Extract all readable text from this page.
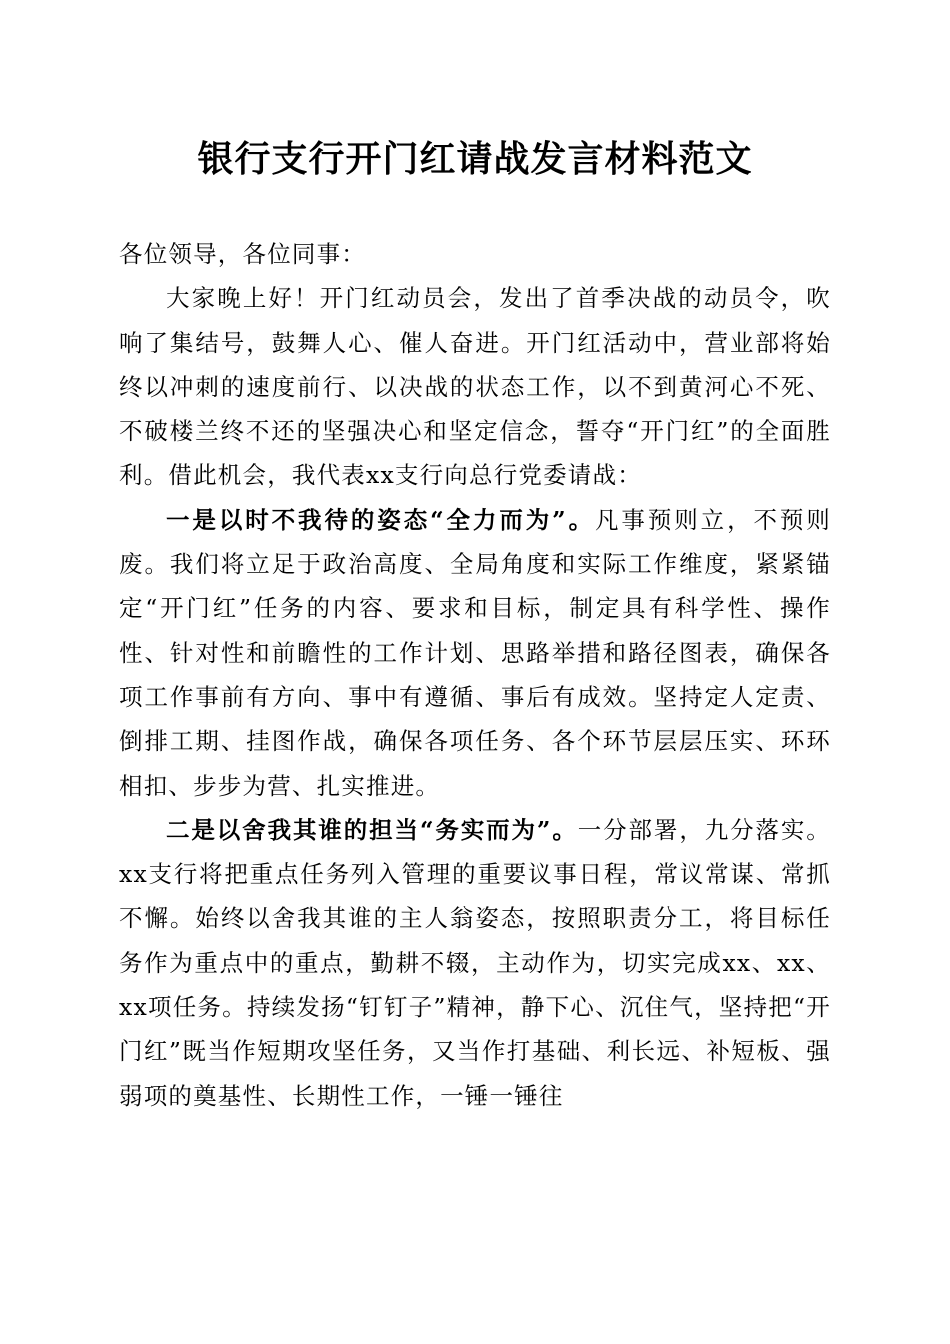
银行支行开门红请战发言材料范文

各位领导，各位同事：

大家晚上好！开门红动员会，发出了首季决战的动员令，吹响了集结号，鼓舞人心、催人奋进。开门红活动中，营业部将始终以冲刺的速度前行、以决战的状态工作，以不到黄河心不死、不破楼兰终不还的坚强决心和坚定信念，誓夺“开门红”的全面胜利。借此机会，我代表xx支行向总行党委请战：

一是以时不我待的姿态“全力而为”。凡事预则立，不预则废。我们将立足于政治高度、全局角度和实际工作维度，紧紧锚定“开门红”任务的内容、要求和目标，制定具有科学性、操作性、针对性和前瞻性的工作计划、思路举措和路径图表，确保各项工作事前有方向、事中有遵循、事后有成效。坚持定人定责、倒排工期、挂图作战，确保各项任务、各个环节层层压实、环环相扣、步步为营、扎实推进。

二是以舍我其谁的担当“务实而为”。一分部署，九分落实。xx支行将把重点任务列入管理的重要议事日程，常议常谋、常抓不懈。始终以舍我其谁的主人翁姿态，按照职责分工，将目标任务作为重点中的重点，勤耕不辍，主动作为，切实完成xx、xx、xx项任务。持续发扬“钉钉子”精神，静下心、沉住气，坚持把“开门红”既当作短期攻坚任务，又当作打基础、利长远、补短板、强弱项的奠基性、长期性工作，一锤一锤往
